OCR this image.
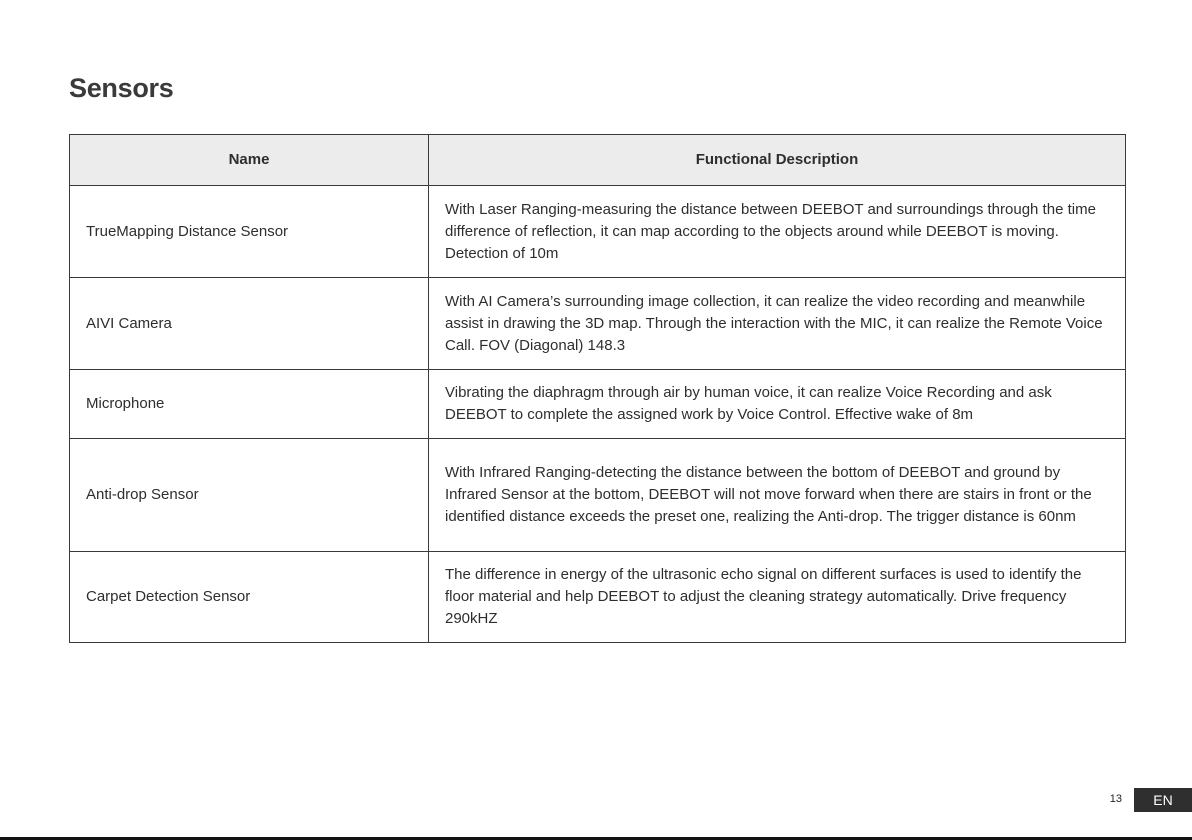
Sensors
Name	Functional Description
TrueMapping Distance Sensor	With Laser Ranging-measuring the distance between DEEBOT and surroundings through the time difference of reflection, it can map according to the objects around while DEEBOT is moving. Detection of 10m
AIVI Camera	With AI Camera’s surrounding image collection, it can realize the video recording and meanwhile assist in drawing the 3D map. Through the interaction with the MIC, it can realize the Remote Voice Call. FOV (Diagonal) 148.3
Microphone	Vibrating the diaphragm through air by human voice, it can realize Voice Recording and ask DEEBOT to complete the assigned work by Voice Control. Effective wake of 8m
Anti-drop Sensor	With Infrared Ranging-detecting the distance between the bottom of DEEBOT and ground by Infrared Sensor at the bottom, DEEBOT will not move forward when there are stairs in front or the identified distance exceeds the preset one, realizing the Anti-drop. The trigger distance is 60nm
Carpet Detection Sensor	The difference in energy of the ultrasonic echo signal on different surfaces is used to identify the floor material and help DEEBOT to adjust the cleaning strategy automatically. Drive frequency 290kHZ
13	EN
